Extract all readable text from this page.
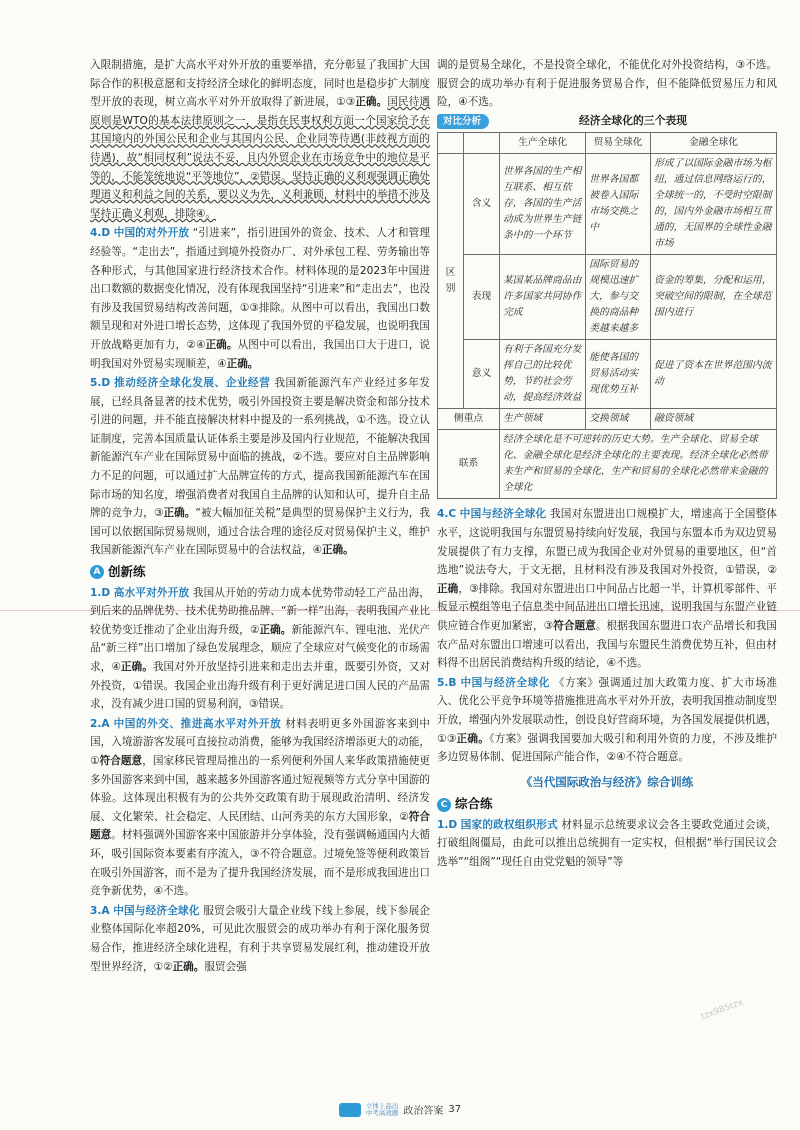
入限制措施，是扩大高水平对外开放的重要举措，充分彰显了我国扩大国际合作的积极意愿和支持经济全球化的鲜明态度，同时也是稳步扩大制度型开放的表现，树立高水平对外开放取得了新进展，①③正确。国民待遇原则是WTO的基本法律原则之一，是指在民事权利方面一个国家给予在其国境内的外国公民和企业与其国内公民、企业同等待遇(非歧视方面的待遇)，故“相同权利”说法不妥，且内外贸企业在市场竞争中的地位是平等的，不能笼统地说“平等地位”，②错误。坚持正确的义利观强调正确处理道义和利益之间的关系，要以义为先，义利兼顾，材料中的举措不涉及坚持正确义利观，排除④。

4.D 中国的对外开放 “引进来”，指引进国外的资金、技术、人才和管理经验等。“走出去”，指通过到境外投资办厂、对外承包工程、劳务输出等各种形式，与其他国家进行经济技术合作。材料体现的是2023年中国进出口数额的数据变化情况，没有体现我国坚持“引进来”和“走出去”，也没有涉及我国贸易结构改善问题，①③排除。从图中可以看出，我国出口数额呈现和对外进口增长态势，这体现了我国外贸的平稳发展，也说明我国开放战略更加有力，②④正确。从图中可以看出，我国出口大于进口，说明我国对外贸易实现顺差，④正确。

5.D 推动经济全球化发展、企业经营 我国新能源汽车产业经过多年发展，已经具备显著的技术优势，吸引外国投资主要是解决资金和部分技术引进的问题，并不能直接解决材料中提及的一系列挑战，①不选。设立认证制度，完善本国质量认证体系主要是涉及国内行业规范，不能解决我国新能源汽车产业在国际贸易中面临的挑战，②不选。要应对自主品牌影响力不足的问题，可以通过扩大品牌宣传的方式，提高我国新能源汽车在国际市场的知名度，增强消费者对我国自主品牌的认知和认可，提升自主品牌的竞争力，③正确。“被大幅加征关税”是典型的贸易保护主义行为，我国可以依据国际贸易规则，通过合法合理的途径反对贸易保护主义，维护我国新能源汽车产业在国际贸易中的合法权益，④正确。

A 创新练

1.D 高水平对外开放 我国从开始的劳动力成本优势带动轻工产品出海，到后来的品牌优势、技术优势助推品牌、“新一样”出海，表明我国产业比较优势变迁推动了企业出海升级，②正确。新能源汽车、锂电池、光伏产品“新三样”出口增加了绿色发展理念，顺应了全球应对气候变化的市场需求，④正确。我国对外开放坚持引进来和走出去并重，既要引外资，又对外投资，①错误。我国企业出海升级有利于更好满足进口国人民的产品需求，没有减少进口国的贸易利润，③错误。

2.A 中国的外交、推进高水平对外开放 材料表明更多外国游客来到中国，入境游游客发展可直接拉动消费，能够为我国经济增添更大的动能，①符合题意，国家移民管理局推出的一系列便利外国人来华政策措施使更多外国游客来到中国，越来越多外国游客通过短视频等方式分享中国游的体验。这体现出积极有为的公共外交政策有助于展现政治清明、经济发展、文化繁荣、社会稳定、人民团结、山河秀美的东方大国形象，②符合题意。材料强调外国游客来中国旅游并分享体验，没有强调畅通国内大循环，吸引国际资本要素有序流入，③不符合题意。过境免签等便利政策旨在吸引外国游客，而不是为了提升我国经济发展，而不是形成我国进出口竞争新优势，④不选。

3.A 中国与经济全球化 服贸会吸引大量企业线下线上参展，线下参展企业整体国际化率超20%，可见此次服贸会的成功举办有利于深化服务贸易合作，推进经济全球化进程，有利于共享贸易发展红利，推动建设开放型世界经济，①②正确。服贸会强

调的是贸易全球化，不是投资全球化，不能优化对外投资结构，③不选。服贸会的成功举办有利于促进服务贸易合作，但不能降低贸易压力和风险，④不选。

对比分析	经济全球化的三个表现
		生产全球化	贸易全球化	金融全球化
区别	含义	世界各国的生产相互联系、相互依存，各国的生产活动成为世界生产链条中的一个环节	世界各国都被卷入国际市场交换之中	形成了以国际金融市场为枢纽，通过信息网络运行的，全球统一的，不受时空限制的，国内外金融市场相互贯通的，无国界的全球性金融市场
	表现	某国某品牌商品由许多国家共同协作完成	国际贸易的规模迅速扩大，参与交换的商品种类越来越多	资金的筹集，分配和运用，突破空间的限制，在全球范围内进行
	意义	有利于各国充分发挥自己的比较优势，节约社会劳动，提高经济效益	能使各国的贸易活动实现优势互补	促进了资本在世界范围内流动
侧重点		生产领域	交换领域	融资领域
联系		经济全球化是不可逆转的历史大势。生产全球化、贸易全球化、金融全球化是经济全球化的主要表现。经济全球化必然带来生产和贸易的全球化，生产和贸易的全球化必然带来金融的全球化		

4.C 中国与经济全球化 我国对东盟进出口规模扩大，增速高于全国整体水平，这说明我国与东盟贸易持续向好发展，我国与东盟本币为双边贸易发展提供了有力支撑，东盟已成为我国企业对外贸易的重要地区，但“首选地”说法夸大，于文无据，且材料没有涉及我国对外投资，①错误，②正确，③排除。我国对东盟进出口中间品占比超一半，计算机零部件、平板显示模组等电子信息类中间品进出口增长迅速，说明我国与东盟产业链供应链合作更加紧密，③符合题意。根据我国东盟进口农产品增长和我国农产品对东盟出口增速可以看出，我国与东盟民生消费优势互补，但由材料得不出居民消费结构升级的结论，④不选。

5.B 中国与经济全球化 《方案》强调通过加大政策力度、扩大市场准入、优化公平竞争环境等措施推进高水平对外开放，表明我国推动制度型开放，增强内外发展联动性，创设良好营商环境，为各国发展提供机遇，①③正确。《方案》强调我国要加大吸引和利用外资的力度，不涉及维护多边贸易体制、促进国际产能合作，②④不符合题意。

《当代国际政治与经济》综合训练
C 综合练

1.D 国家的政权组织形式 材料显示总统要求议会各主要政党通过会谈，打破组阁僵局，由此可以推出总统拥有一定实权，但根据“举行国民议会选举”“组阁”“现任自由党党魁的领导”等

tzx985tzx
立体上品出
中考高效题 政治答案 37
